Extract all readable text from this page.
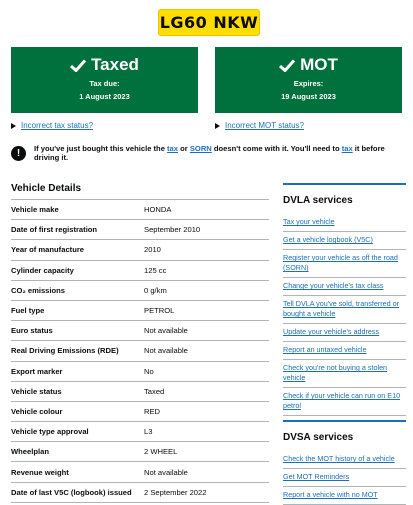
LG60 NKW
Taxed
Tax due:
1 August 2023
MOT
Expires:
19 August 2023
Incorrect tax status?	Incorrect MOT status?
!	If you've just bought this vehicle the tax or SORN doesn't come with it. You'll need to tax it before driving it.
Vehicle Details
Vehicle make	HONDA
Date of first registration	September 2010
Year of manufacture	2010
Cylinder capacity	125 cc
CO₂ emissions	0 g/km
Fuel type	PETROL
Euro status	Not available
Real Driving Emissions (RDE)	Not available
Export marker	No
Vehicle status	Taxed
Vehicle colour	RED
Vehicle type approval	L3
Wheelplan	2 WHEEL
Revenue weight	Not available
Date of last V5C (logbook) issued	2 September 2022
DVLA services
Tax your vehicle
Get a vehicle logbook (V5C)
Register your vehicle as off the road (SORN)
Change your vehicle's tax class
Tell DVLA you've sold, transferred or bought a vehicle
Update your vehicle's address
Report an untaxed vehicle
Check you're not buying a stolen vehicle
Check if your vehicle can run on E10 petrol
DVSA services
Check the MOT history of a vehicle
Get MOT Reminders
Report a vehicle with no MOT
